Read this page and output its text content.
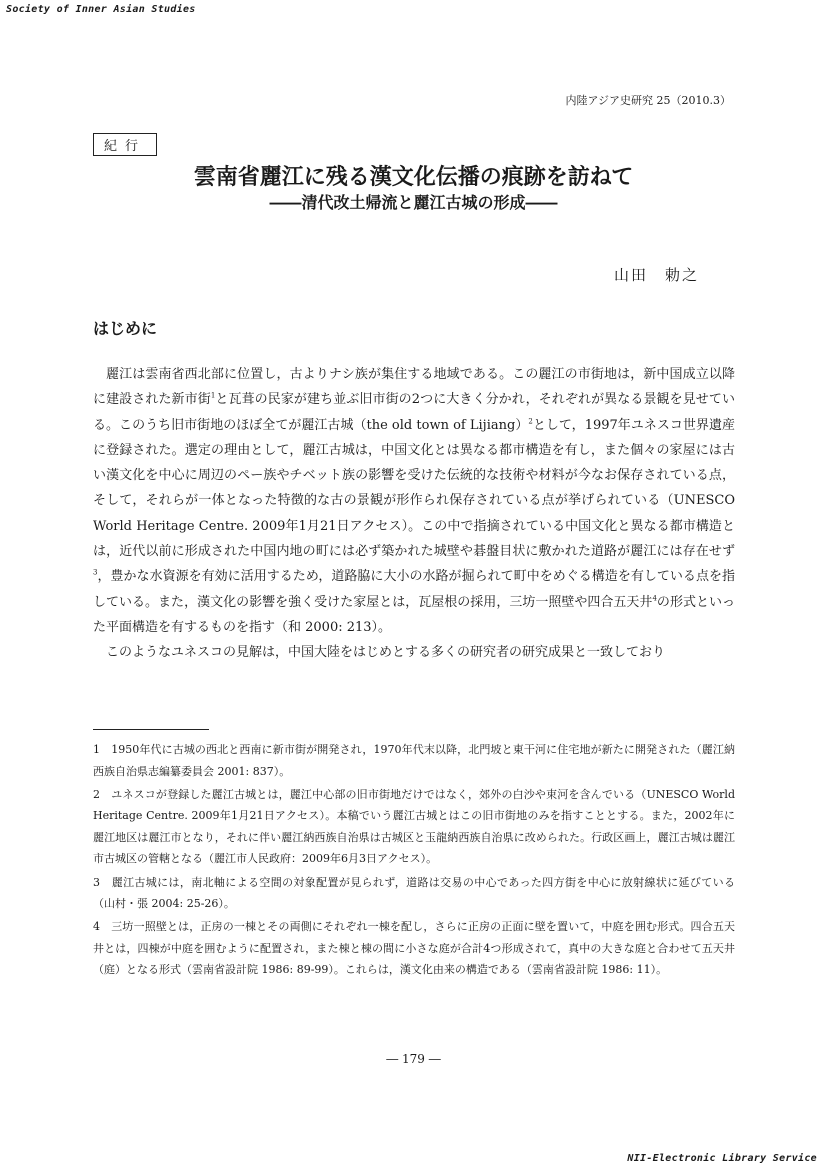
Society of Inner Asian Studies
内陸アジア史研究 25（2010.3）
紀行
雲南省麗江に残る漢文化伝播の痕跡を訪ねて
――清代改土帰流と麗江古城の形成――
山田　勅之
はじめに

麗江は雲南省西北部に位置し，古よりナシ族が集住する地域である。この麗江の市街地は，新中国成立以降に建設された新市街$^1$と瓦葺の民家が建ち並ぶ旧市街の2つに大きく分かれ，それぞれが異なる景観を見せている。このうち旧市街地のほぼ全てが麗江古城（the old town of Lijiang）$^2$として，1997年ユネスコ世界遺産に登録された。選定の理由として，麗江古城は，中国文化とは異なる都市構造を有し，また個々の家屋には古い漢文化を中心に周辺のペー族やチベット族の影響を受けた伝統的な技術や材料が今なお保存されている点，そして，それらが一体となった特徴的な古の景観が形作られ保存されている点が挙げられている（UNESCO World Heritage Centre. 2009年1月21日アクセス）。この中で指摘されている中国文化と異なる都市構造とは，近代以前に形成された中国内地の町には必ず築かれた城壁や碁盤目状に敷かれた道路が麗江には存在せず$^3$，豊かな水資源を有効に活用するため，道路脇に大小の水路が掘られて町中をめぐる構造を有している点を指している。また，漢文化の影響を強く受けた家屋とは，瓦屋根の採用，三坊一照壁や四合五天井$^4$の形式といった平面構造を有するものを指す（和 2000: 213）。

このようなユネスコの見解は，中国大陸をはじめとする多くの研究者の研究成果と一致しており

1　1950年代に古城の西北と西南に新市街が開発され，1970年代末以降，北門坡と東干河に住宅地が新たに開発された（麗江納西族自治県志編纂委員会 2001: 837）。

2　ユネスコが登録した麗江古城とは，麗江中心部の旧市街地だけではなく，郊外の白沙や束河を含んでいる（UNESCO World Heritage Centre. 2009年1月21日アクセス）。本稿でいう麗江古城とはこの旧市街地のみを指すこととする。また，2002年に麗江地区は麗江市となり，それに伴い麗江納西族自治県は古城区と玉龍納西族自治県に改められた。行政区画上，麗江古城は麗江市古城区の管轄となる（麗江市人民政府：2009年6月3日アクセス）。

3　麗江古城には，南北軸による空間の対象配置が見られず，道路は交易の中心であった四方街を中心に放射線状に延びている（山村・張 2004: 25-26）。

4　三坊一照壁とは，正房の一棟とその両側にそれぞれ一棟を配し，さらに正房の正面に壁を置いて，中庭を囲む形式。四合五天井とは，四棟が中庭を囲むように配置され，また棟と棟の間に小さな庭が合計4つ形成されて，真中の大きな庭と合わせて五天井（庭）となる形式（雲南省設計院 1986: 89-99）。これらは，漢文化由来の構造である（雲南省設計院 1986: 11）。

― 179 ―
NII-Electronic Library Service
